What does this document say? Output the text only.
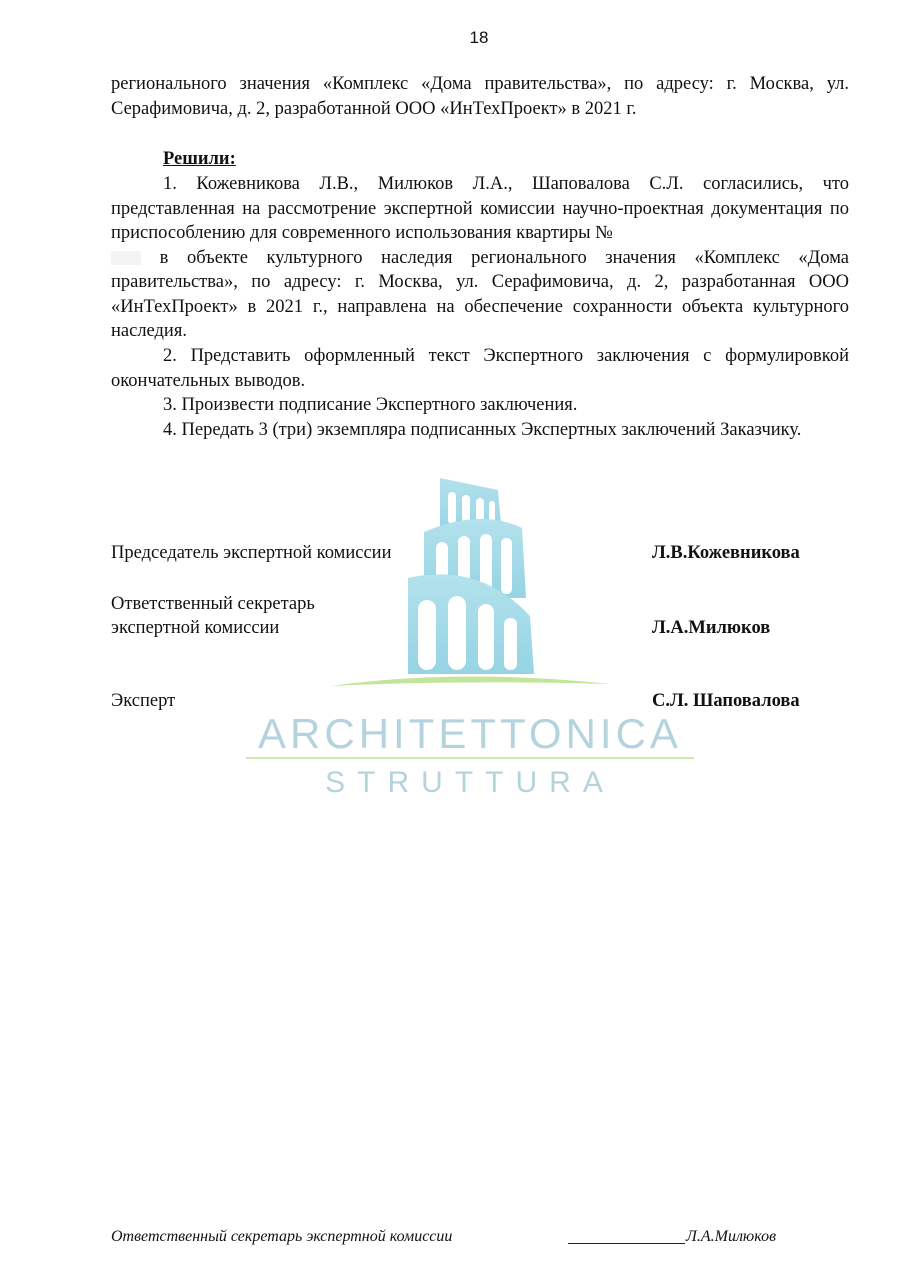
18
регионального значения «Комплекс «Дома правительства», по адресу: г. Москва, ул. Серафимовича, д. 2, разработанной ООО «ИнТехПроект» в 2021 г.
Решили:
1. Кожевникова Л.В., Милюков Л.А., Шаповалова С.Л. согласились, что представленная на рассмотрение экспертной комиссии научно-проектная документация по приспособлению для современного использования квартиры №
в объекте культурного наследия регионального значения «Комплекс «Дома правительства», по адресу: г. Москва, ул. Серафимовича, д. 2, разработанная ООО «ИнТехПроект» в 2021 г., направлена на обеспечение сохранности объекта культурного наследия.
2. Представить оформленный текст Экспертного заключения с формулировкой окончательных выводов.
3. Произвести подписание Экспертного заключения.
4. Передать 3 (три) экземпляра подписанных Экспертных заключений Заказчику.
ARCHITETTONICA
STRUTTURA
Председатель экспертной комиссии	Л.В.Кожевникова
Ответственный секретарь
экспертной комиссии	Л.А.Милюков
Эксперт	С.Л. Шаповалова
Ответственный секретарь экспертной комиссии	Л.А.Милюков
